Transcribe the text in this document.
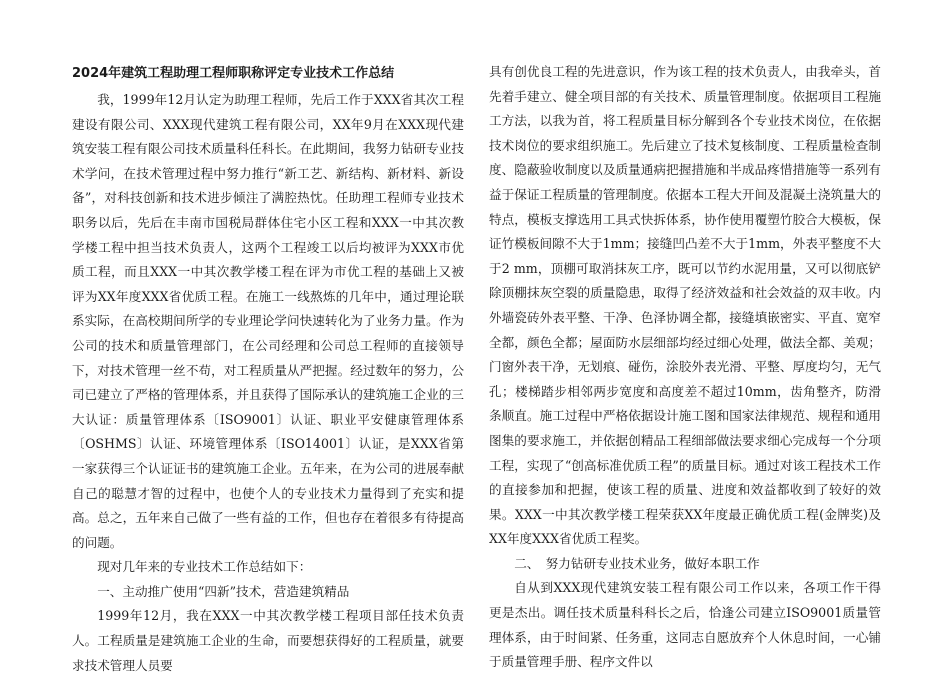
2024年建筑工程助理工程师职称评定专业技术工作总结

我，1999年12月认定为助理工程师，先后工作于XXX省其次工程建设有限公司、XXX现代建筑工程有限公司，XX年9月在XXX现代建筑安装工程有限公司技术质量科任科长。在此期间，我努力钻研专业技术学问，在技术管理过程中努力推行“新工艺、新结构、新材料、新设备”，对科技创新和技术进步倾注了满腔热忱。任助理工程师专业技术职务以后，先后在丰南市国税局群体住宅小区工程和XXX一中其次教学楼工程中担当技术负责人，这两个工程竣工以后均被评为XXX市优质工程，而且XXX一中其次教学楼工程在评为市优工程的基础上又被评为XX年度XXX省优质工程。在施工一线熬炼的几年中，通过理论联系实际，在高校期间所学的专业理论学问快速转化为了业务力量。作为公司的技术和质量管理部门，在公司经理和公司总工程师的直接领导下，对技术管理一丝不苟，对工程质量从严把握。经过数年的努力，公司已建立了严格的管理体系，并且获得了国际承认的建筑施工企业的三大认证：质量管理体系〔ISO9001〕认证、职业平安健康管理体系〔OSHMS〕认证、环境管理体系〔ISO14001〕认证，是XXX省第一家获得三个认证证书的建筑施工企业。五年来，在为公司的进展奉献自己的聪慧才智的过程中，也使个人的专业技术力量得到了充实和提高。总之，五年来自己做了一些有益的工作，但也存在着很多有待提高的问题。

现对几年来的专业技术工作总结如下：

一、主动推广使用“四新”技术，营造建筑精品

1999年12月，我在XXX一中其次教学楼工程项目部任技术负责人。工程质量是建筑施工企业的生命，而要想获得好的工程质量，就要求技术管理人员要

具有创优良工程的先进意识，作为该工程的技术负责人，由我牵头，首先着手建立、健全项目部的有关技术、质量管理制度。依据项目工程施工方法，以我为首，将工程质量目标分解到各个专业技术岗位，在依据技术岗位的要求组织施工。先后建立了技术复核制度、工程质量检查制度、隐蔽验收制度以及质量通病把握措施和半成品疼惜措施等一系列有益于保证工程质量的管理制度。依据本工程大开间及混凝土浇筑量大的特点，模板支撑选用工具式快拆体系，协作使用覆塑竹胶合大模板，保证竹模板间隙不大于1mm；接缝凹凸差不大于1mm，外表平整度不大于2 mm，顶棚可取消抹灰工序，既可以节约水泥用量，又可以彻底铲除顶棚抹灰空裂的质量隐患，取得了经济效益和社会效益的双丰收。内外墙瓷砖外表平整、干净、色泽协调全都，接缝填嵌密实、平直、宽窄全都，颜色全都；屋面防水层细部均经过细心处理，做法全都、美观；门窗外表干净，无划痕、碰伤，涂胶外表光滑、平整、厚度均匀，无气孔；楼梯踏步相邻两步宽度和高度差不超过10mm，齿角整齐，防滑条顺直。施工过程中严格依据设计施工图和国家法律规范、规程和通用图集的要求施工，并依据创精品工程细部做法要求细心完成每一个分项工程，实现了“创高标准优质工程”的质量目标。通过对该工程技术工作的直接参加和把握，使该工程的质量、进度和效益都收到了较好的效果。XXX一中其次教学楼工程荣获XX年度最正确优质工程(金牌奖)及XX年度XXX省优质工程奖。

二、　努力钻研专业技术业务，做好本职工作

自从到XXX现代建筑安装工程有限公司工作以来，各项工作干得更是杰出。调任技术质量科科长之后，恰逢公司建立ISO9001质量管理体系，由于时间紧、任务重，这同志自愿放弃个人休息时间，一心铺于质量管理手册、程序文件以
